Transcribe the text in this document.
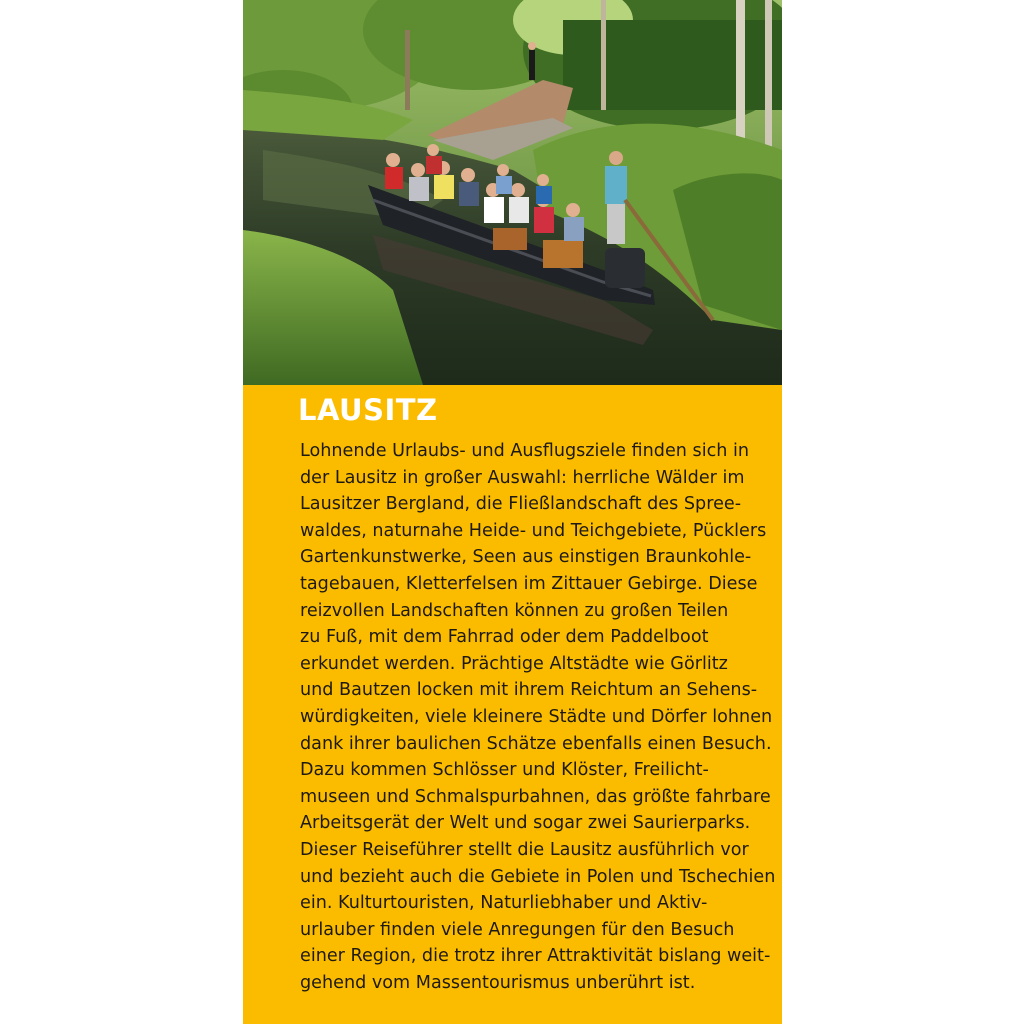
LAUSITZ

Lohnende Urlaubs- und Ausflugsziele finden sich in
der Lausitz in großer Auswahl: herrliche Wälder im
Lausitzer Bergland, die Fließlandschaft des Spree-
waldes, naturnahe Heide- und Teichgebiete, Pücklers
Gartenkunstwerke, Seen aus einstigen Braunkohle-
tagebauen, Kletterfelsen im Zittauer Gebirge. Diese
reizvollen Landschaften können zu großen Teilen
zu Fuß, mit dem Fahrrad oder dem Paddelboot
erkundet werden. Prächtige Altstädte wie Görlitz
und Bautzen locken mit ihrem Reichtum an Sehens-
würdigkeiten, viele kleinere Städte und Dörfer lohnen
dank ihrer baulichen Schätze ebenfalls einen Besuch.
Dazu kommen Schlösser und Klöster, Freilicht-
museen und Schmalspurbahnen, das größte fahrbare
Arbeitsgerät der Welt und sogar zwei Saurierparks.
Dieser Reiseführer stellt die Lausitz ausführlich vor
und bezieht auch die Gebiete in Polen und Tschechien
ein. Kulturtouristen, Naturliebhaber und Aktiv-
urlauber finden viele Anregungen für den Besuch
einer Region, die trotz ihrer Attraktivität bislang weit-
gehend vom Massentourismus unberührt ist.
